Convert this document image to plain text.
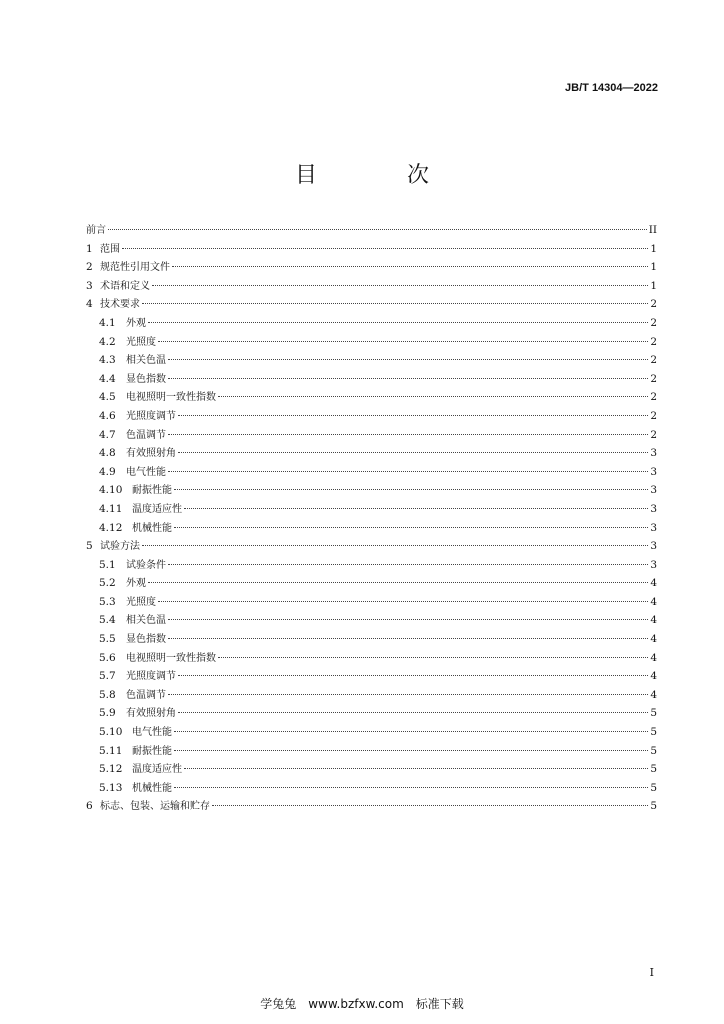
JB/T 14304—2022
目　次
前言	II
1 范围	1
2 规范性引用文件	1
3 术语和定义	1
4 技术要求	2
4.1	外观	2
4.2	光照度	2
4.3	相关色温	2
4.4	显色指数	2
4.5	电视照明一致性指数	2
4.6	光照度调节	2
4.7	色温调节	2
4.8	有效照射角	3
4.9	电气性能	3
4.10 耐振性能	3
4.11 温度适应性	3
4.12 机械性能	3
5 试验方法	3
5.1	试验条件	3
5.2	外观	4
5.3	光照度	4
5.4	相关色温	4
5.5	显色指数	4
5.6	电视照明一致性指数	4
5.7	光照度调节	4
5.8	色温调节	4
5.9	有效照射角	5
5.10 电气性能	5
5.11 耐振性能	5
5.12 温度适应性	5
5.13 机械性能	5
6 标志、包装、运输和贮存	5
I
学兔兔　www.bzfxw.com　标准下载
